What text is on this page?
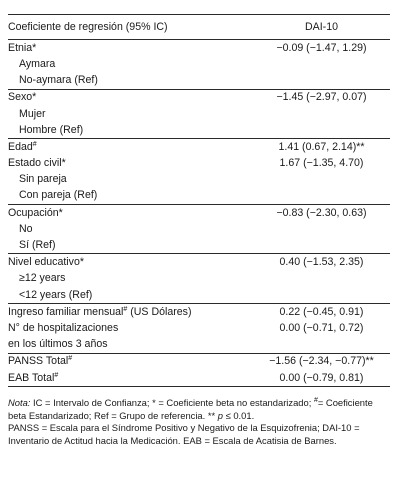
Coeficiente de regresión (95% IC)	DAI-10
Etnia*	−0.09 (−1.47, 1.29)
Aymara	
No-aymara (Ref)	
Sexo*	−1.45 (−2.97, 0.07)
Mujer	
Hombre (Ref)	
Edad#	1.41 (0.67, 2.14)**
Estado civil*	1.67 (−1.35, 4.70)
Sin pareja	
Con pareja (Ref)	
Ocupación*	−0.83 (−2.30, 0.63)
No	
Sí (Ref)	
Nivel educativo*	0.40 (−1.53, 2.35)
≥12 years	
<12 years (Ref)	
Ingreso familiar mensual# (US Dólares)	0.22 (−0.45, 0.91)
N° de hospitalizaciones	0.00 (−0.71, 0.72)
en los últimos 3 años	
PANSS Total#	−1.56 (−2.34, −0.77)**
EAB Total#	0.00 (−0.79, 0.81)

Nota: IC = Intervalo de Confianza; * = Coeficiente beta no estandarizado; #= Coeficiente beta Estandarizado; Ref = Grupo de referencia. ** p ≤ 0.01.

PANSS = Escala para el Síndrome Positivo y Negativo de la Esquizofrenia; DAI-10 = Inventario de Actitud hacia la Medicación. EAB = Escala de Acatisia de Barnes.
